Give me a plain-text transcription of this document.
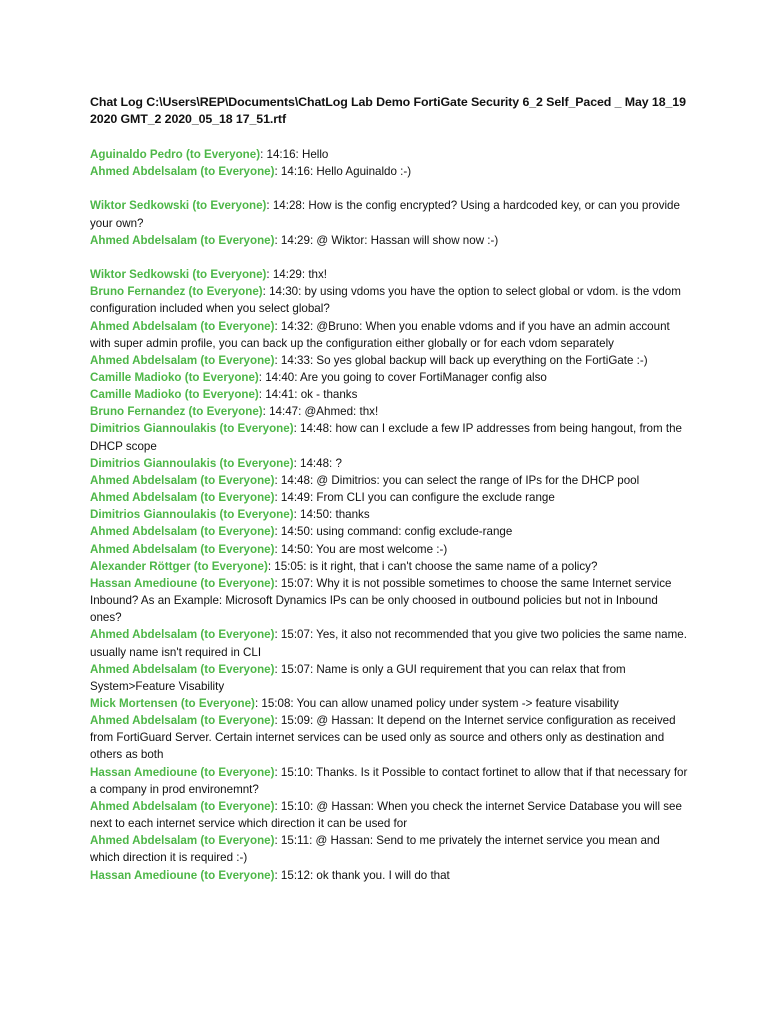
Chat Log C:\Users\REP\Documents\ChatLog Lab Demo FortiGate Security 6_2 Self_Paced _ May 18_19 2020 GMT_2 2020_05_18 17_51.rtf

Aguinaldo Pedro (to Everyone): 14:16: Hello

Ahmed Abdelsalam (to Everyone): 14:16: Hello Aguinaldo :-)

Wiktor Sedkowski (to Everyone): 14:28: How is the config encrypted? Using a hardcoded key, or can you provide your own?

Ahmed Abdelsalam (to Everyone): 14:29: @ Wiktor: Hassan will show now :-)

Wiktor Sedkowski (to Everyone): 14:29: thx!

Bruno Fernandez (to Everyone): 14:30: by using vdoms you have the option to select global or vdom. is the vdom configuration included when you select global?

Ahmed Abdelsalam (to Everyone): 14:32: @Bruno: When you enable vdoms and if you have an admin account with super admin profile, you can back up the configuration either globally or for each vdom separately

Ahmed Abdelsalam (to Everyone): 14:33: So yes global backup will back up everything on the FortiGate :-)

Camille Madioko (to Everyone): 14:40: Are you going to cover FortiManager config also

Camille Madioko (to Everyone): 14:41: ok - thanks

Bruno Fernandez (to Everyone): 14:47: @Ahmed: thx!

Dimitrios Giannoulakis (to Everyone): 14:48: how can I exclude a few IP addresses from being hangout, from the DHCP scope

Dimitrios Giannoulakis (to Everyone): 14:48: ?

Ahmed Abdelsalam (to Everyone): 14:48: @ Dimitrios: you can select the range of IPs for the DHCP pool

Ahmed Abdelsalam (to Everyone): 14:49: From CLI you can configure the exclude range

Dimitrios Giannoulakis (to Everyone): 14:50: thanks

Ahmed Abdelsalam (to Everyone): 14:50: using command: config exclude-range

Ahmed Abdelsalam (to Everyone): 14:50: You are most welcome :-)

Alexander Röttger (to Everyone): 15:05: is it right, that i can't choose the same name of a policy?

Hassan Amedioune (to Everyone): 15:07: Why it is not possible sometimes to choose the same Internet service Inbound? As an Example: Microsoft Dynamics IPs can be only choosed in outbound policies but not in Inbound ones?

Ahmed Abdelsalam (to Everyone): 15:07: Yes, it also not recommended that you give two policies the same name. usually name isn't required in CLI

Ahmed Abdelsalam (to Everyone): 15:07: Name is only a GUI requirement that you can relax that from System>Feature Visability

Mick Mortensen (to Everyone): 15:08: You can allow unamed policy under system -> feature visability

Ahmed Abdelsalam (to Everyone): 15:09: @ Hassan: It depend on the Internet service configuration as received from FortiGuard Server. Certain internet services can be used only as source and others only as destination and others as both

Hassan Amedioune (to Everyone): 15:10: Thanks. Is it Possible to contact fortinet to allow that if that necessary for a company in prod environemnt?

Ahmed Abdelsalam (to Everyone): 15:10: @ Hassan: When you check the internet Service Database you will see next to each internet service which direction it can be used for

Ahmed Abdelsalam (to Everyone): 15:11: @ Hassan: Send to me privately the internet service you mean and which direction it is required :-)

Hassan Amedioune (to Everyone): 15:12: ok thank you. I will do that
